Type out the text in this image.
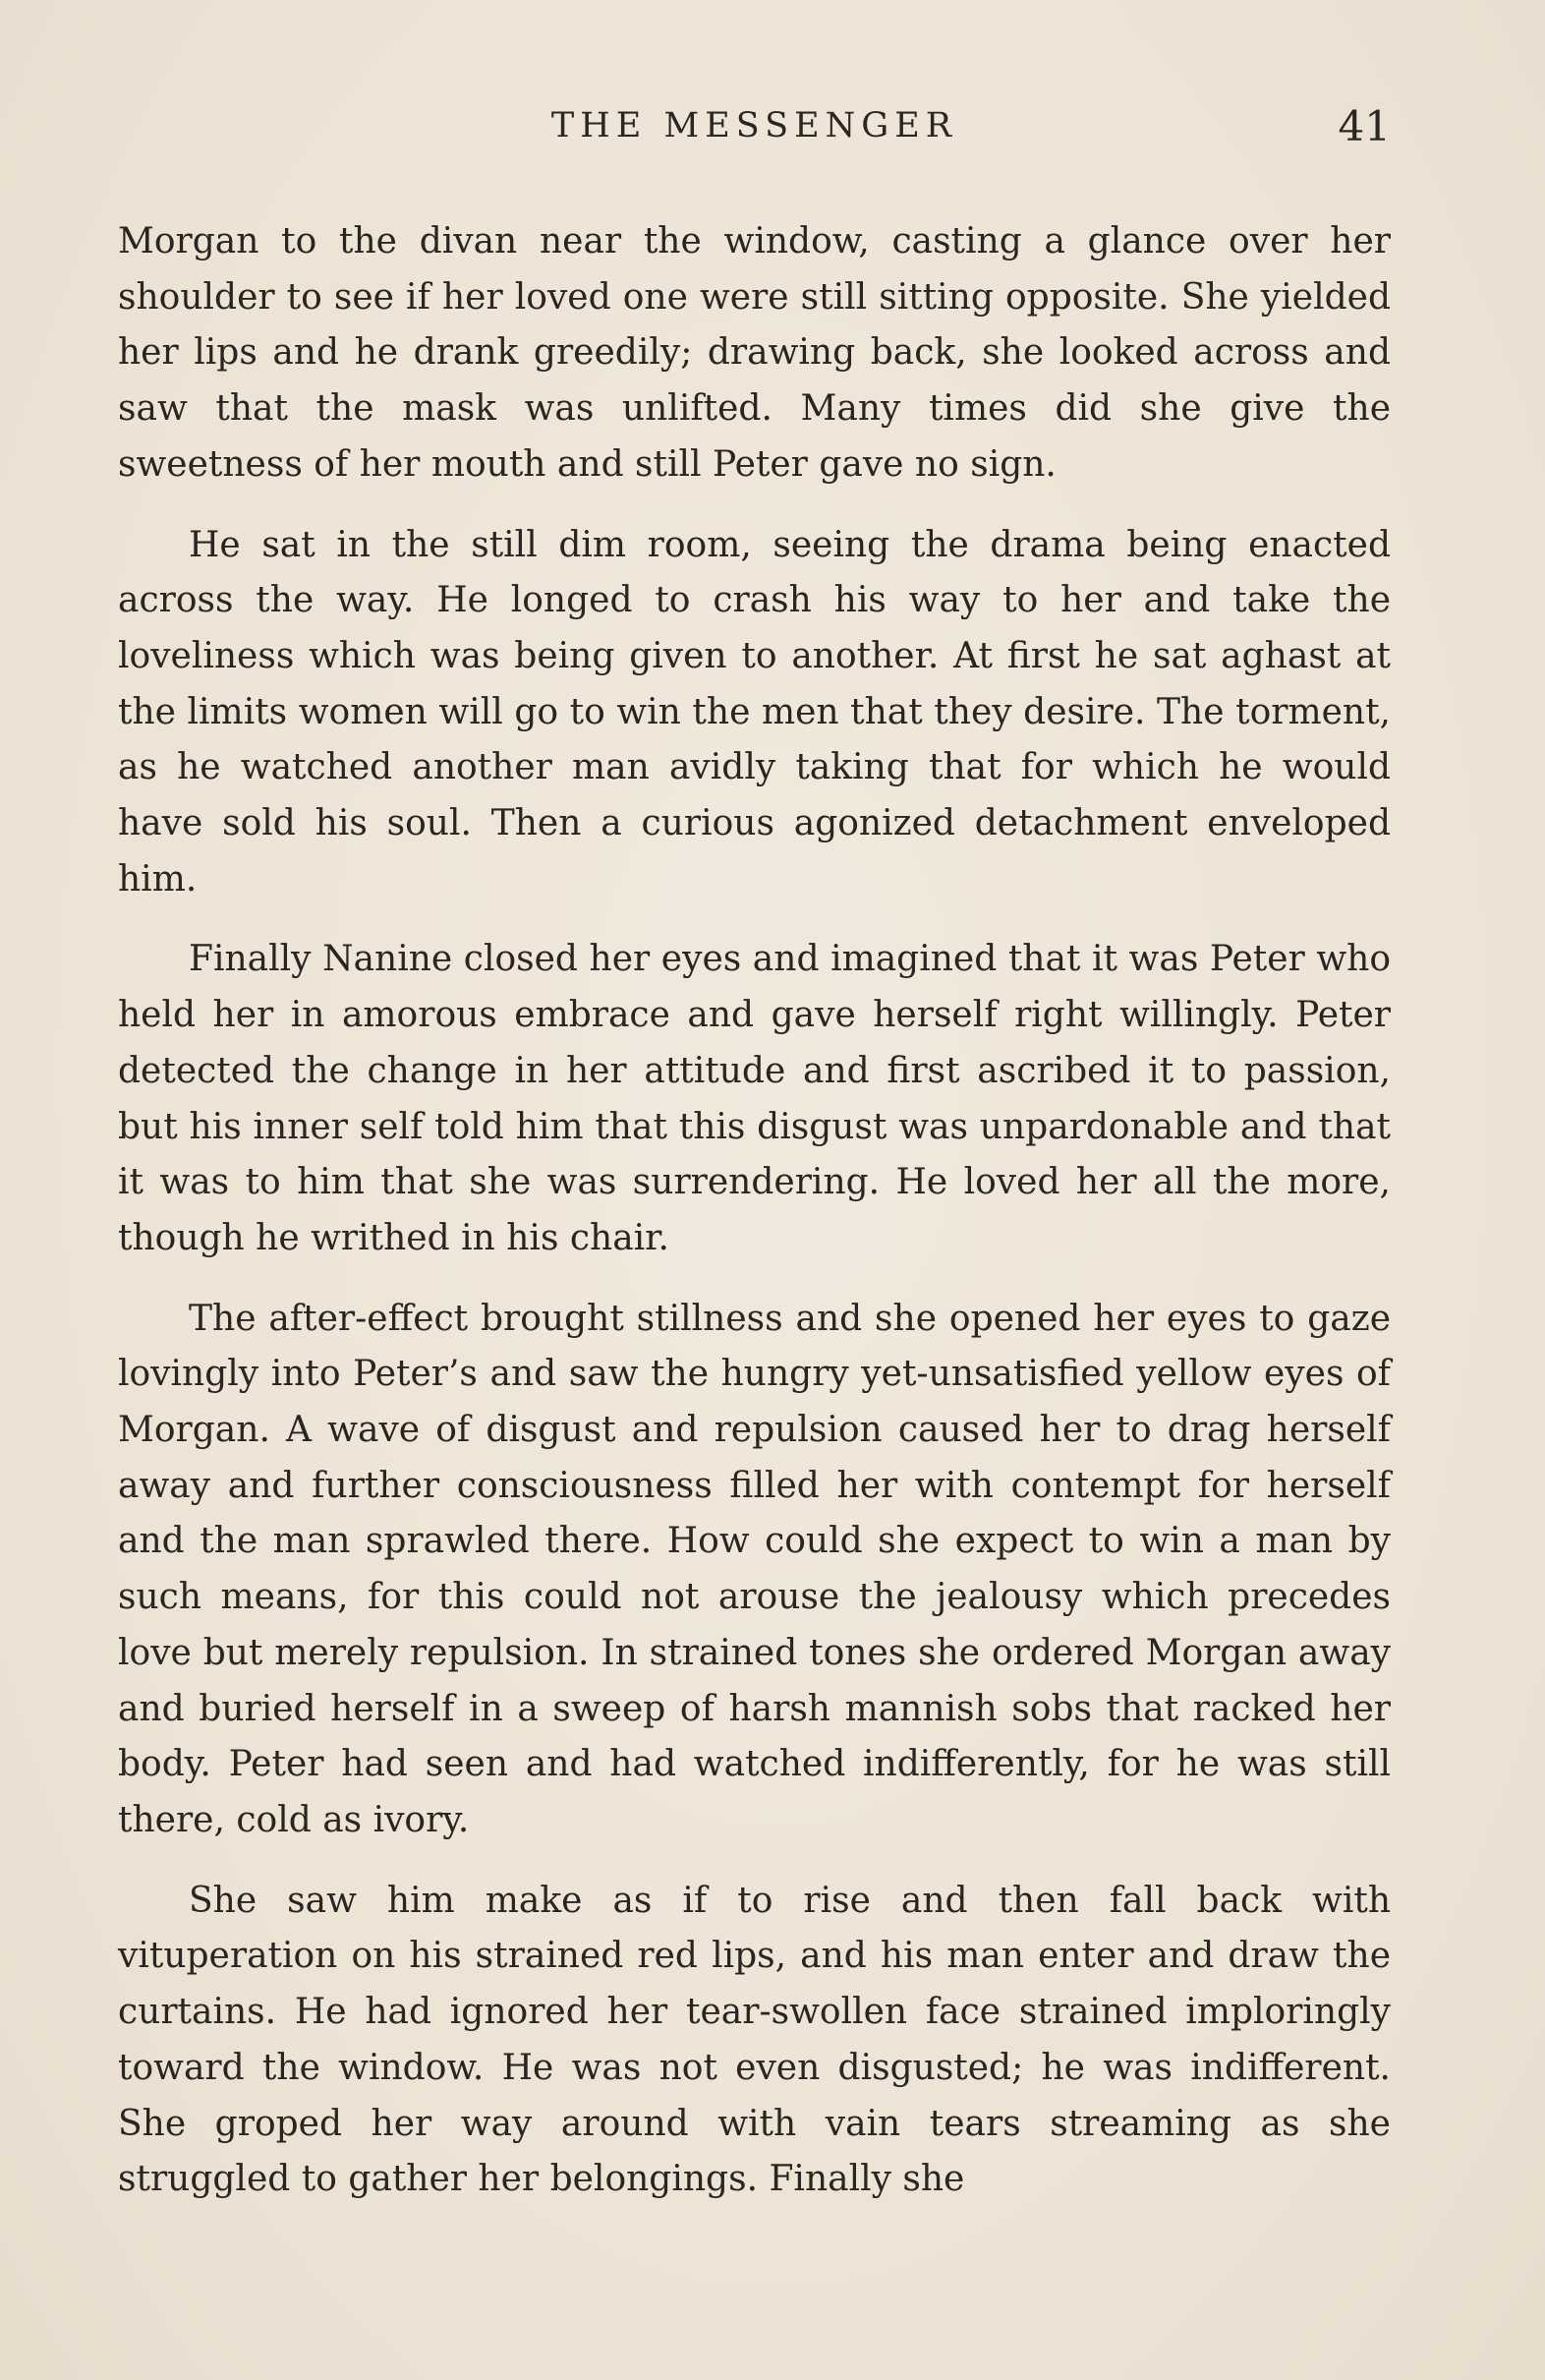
THE MESSENGER	41

Morgan to the divan near the window, casting a glance over her shoulder to see if her loved one were still sitting opposite. She yielded her lips and he drank greedily; drawing back, she looked across and saw that the mask was unlifted. Many times did she give the sweetness of her mouth and still Peter gave no sign.

He sat in the still dim room, seeing the drama being enacted across the way. He longed to crash his way to her and take the loveliness which was being given to another. At first he sat aghast at the limits women will go to win the men that they desire. The torment, as he watched another man avidly taking that for which he would have sold his soul. Then a curious agonized detachment enveloped him.

Finally Nanine closed her eyes and imagined that it was Peter who held her in amorous embrace and gave herself right willingly. Peter detected the change in her attitude and first ascribed it to passion, but his inner self told him that this disgust was unpardonable and that it was to him that she was surrendering. He loved her all the more, though he writhed in his chair.

The after-effect brought stillness and she opened her eyes to gaze lovingly into Peter’s and saw the hungry yet-unsatisfied yellow eyes of Morgan. A wave of disgust and repulsion caused her to drag herself away and further consciousness filled her with contempt for herself and the man sprawled there. How could she expect to win a man by such means, for this could not arouse the jealousy which precedes love but merely repulsion. In strained tones she ordered Morgan away and buried herself in a sweep of harsh mannish sobs that racked her body. Peter had seen and had watched indifferently, for he was still there, cold as ivory.

She saw him make as if to rise and then fall back with vituperation on his strained red lips, and his man enter and draw the curtains. He had ignored her tear-swollen face strained imploringly toward the window. He was not even disgusted; he was indifferent. She groped her way around with vain tears streaming as she struggled to gather her belongings. Finally she
